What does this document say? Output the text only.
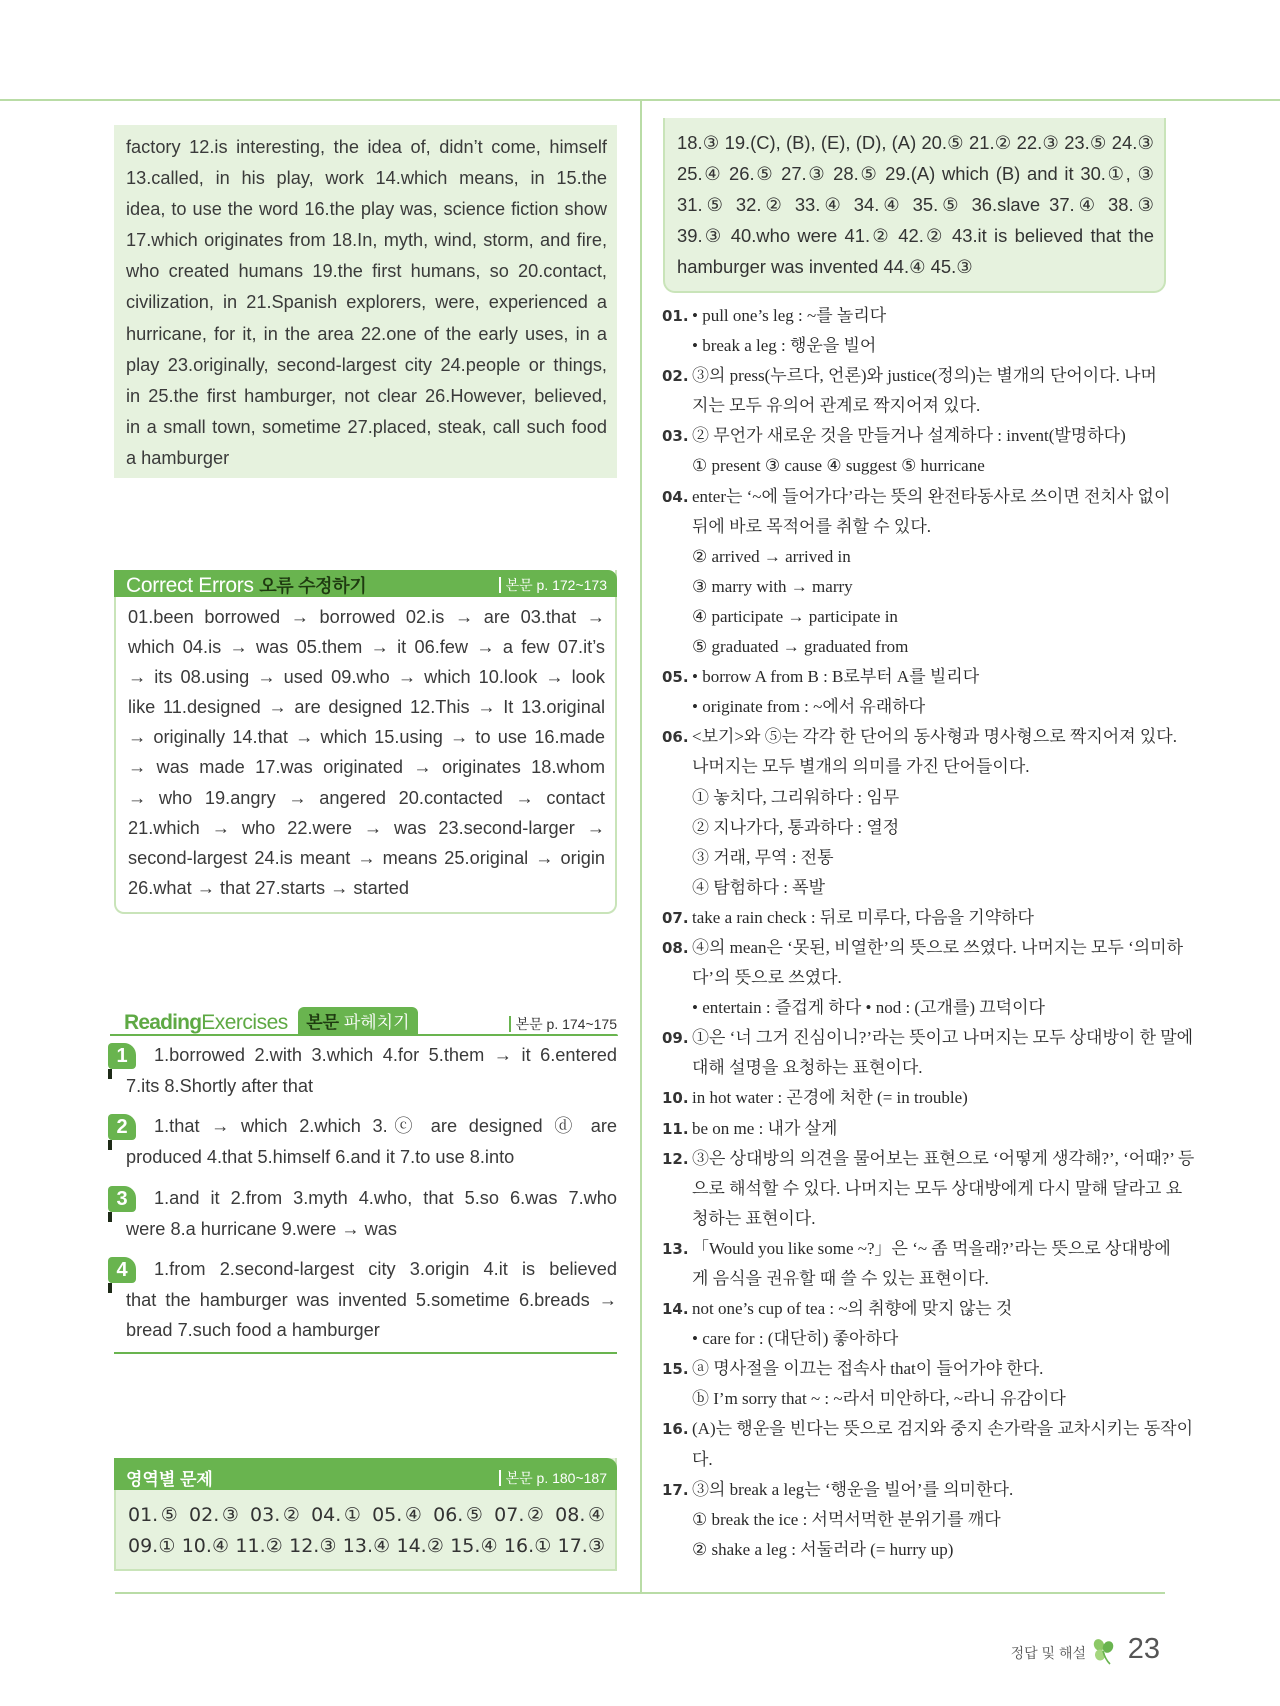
factory 12.is interesting, the idea of, didn’t come, himself

13.called, in his play, work 14.which means, in 15.the

idea, to use the word 16.the play was, science fiction show

17.which originates from 18.In, myth, wind, storm, and fire,

who created humans 19.the first humans, so 20.contact,

civilization, in 21.Spanish explorers, were, experienced a

hurricane, for it, in the area 22.one of the early uses, in a

play 23.originally, second-largest city 24.people or things,

in 25.the first hamburger, not clear 26.However, believed,

in a small town, sometime 27.placed, steak, call such food

a hamburger

Correct Errors 오류 수정하기	본문 p. 172~173

01.been borrowed → borrowed 02.is → are 03.that →

which 04.is → was 05.them → it 06.few → a few 07.it’s

→ its 08.using → used 09.who → which 10.look → look

like 11.designed → are designed 12.This → It 13.original

→ originally 14.that → which 15.using → to use 16.made

→ was made 17.was originated → originates 18.whom

→ who 19.angry → angered 20.contacted → contact

21.which → who 22.were → was 23.second-larger →

second-largest 24.is meant → means 25.original → origin

26.what → that 27.starts → started

ReadingExercises 본문 파헤치기	본문 p. 174~175
1	1.borrowed 2.with 3.which 4.for 5.them → it 6.entered

7.its 8.Shortly after that

2	1.that → which 2.which 3.ⓒ are designed ⓓ are

produced 4.that 5.himself 6.and it 7.to use 8.into

3	1.and it 2.from 3.myth 4.who, that 5.so 6.was 7.who

were 8.a hurricane 9.were → was

4	1.from 2.second-largest city 3.origin 4.it is believed

that the hamburger was invented 5.sometime 6.breads →

bread 7.such food a hamburger

영역별 문제	본문 p. 180~187

01.⑤ 02.③ 03.② 04.① 05.④ 06.⑤ 07.② 08.④

09.① 10.④ 11.② 12.③ 13.④ 14.② 15.④ 16.① 17.③

18.③ 19.(C), (B), (E), (D), (A) 20.⑤ 21.② 22.③ 23.⑤ 24.③

25.④ 26.⑤ 27.③ 28.⑤ 29.(A) which (B) and it 30.①, ③

31.⑤ 32.② 33.④ 34.④ 35.⑤ 36.slave 37.④ 38.③

39.③ 40.who were 41.② 42.② 43.it is believed that the

hamburger was invented 44.④ 45.③

01. • pull one’s leg : ~를 놀리다
• break a leg : 행운을 빌어
02. ③의 press(누르다, 언론)와 justice(정의)는 별개의 단어이다. 나머
지는 모두 유의어 관계로 짝지어져 있다.
03. ② 무언가 새로운 것을 만들거나 설계하다 : invent(발명하다)
① present ③ cause ④ suggest ⑤ hurricane
04. enter는 ‘~에 들어가다’라는 뜻의 완전타동사로 쓰이면 전치사 없이
뒤에 바로 목적어를 취할 수 있다.
② arrived → arrived in
③ marry with → marry
④ participate → participate in
⑤ graduated → graduated from
05. • borrow A from B : B로부터 A를 빌리다
• originate from : ~에서 유래하다
06. <보기>와 ⑤는 각각 한 단어의 동사형과 명사형으로 짝지어져 있다.
나머지는 모두 별개의 의미를 가진 단어들이다.
① 놓치다, 그리워하다 : 임무
② 지나가다, 통과하다 : 열정
③ 거래, 무역 : 전통
④ 탐험하다 : 폭발
07. take a rain check : 뒤로 미루다, 다음을 기약하다
08. ④의 mean은 ‘못된, 비열한’의 뜻으로 쓰였다. 나머지는 모두 ‘의미하
다’의 뜻으로 쓰였다.
• entertain : 즐겁게 하다 • nod : (고개를) 끄덕이다
09. ①은 ‘너 그거 진심이니?’라는 뜻이고 나머지는 모두 상대방이 한 말에
대해 설명을 요청하는 표현이다.
10. in hot water : 곤경에 처한 (= in trouble)
11. be on me : 내가 살게
12. ③은 상대방의 의견을 물어보는 표현으로 ‘어떻게 생각해?’, ‘어때?’ 등
으로 해석할 수 있다. 나머지는 모두 상대방에게 다시 말해 달라고 요
청하는 표현이다.
13. 「Would you like some ~?」은 ‘~ 좀 먹을래?’라는 뜻으로 상대방에
게 음식을 권유할 때 쓸 수 있는 표현이다.
14. not one’s cup of tea : ~의 취향에 맞지 않는 것
• care for : (대단히) 좋아하다
15. ⓐ 명사절을 이끄는 접속사 that이 들어가야 한다.
ⓑ I’m sorry that ~ : ~라서 미안하다, ~라니 유감이다
16. (A)는 행운을 빈다는 뜻으로 검지와 중지 손가락을 교차시키는 동작이
다.
17. ③의 break a leg는 ‘행운을 빌어’를 의미한다.
① break the ice : 서먹서먹한 분위기를 깨다
② shake a leg : 서둘러라 (= hurry up)
정답 및 해설 23
